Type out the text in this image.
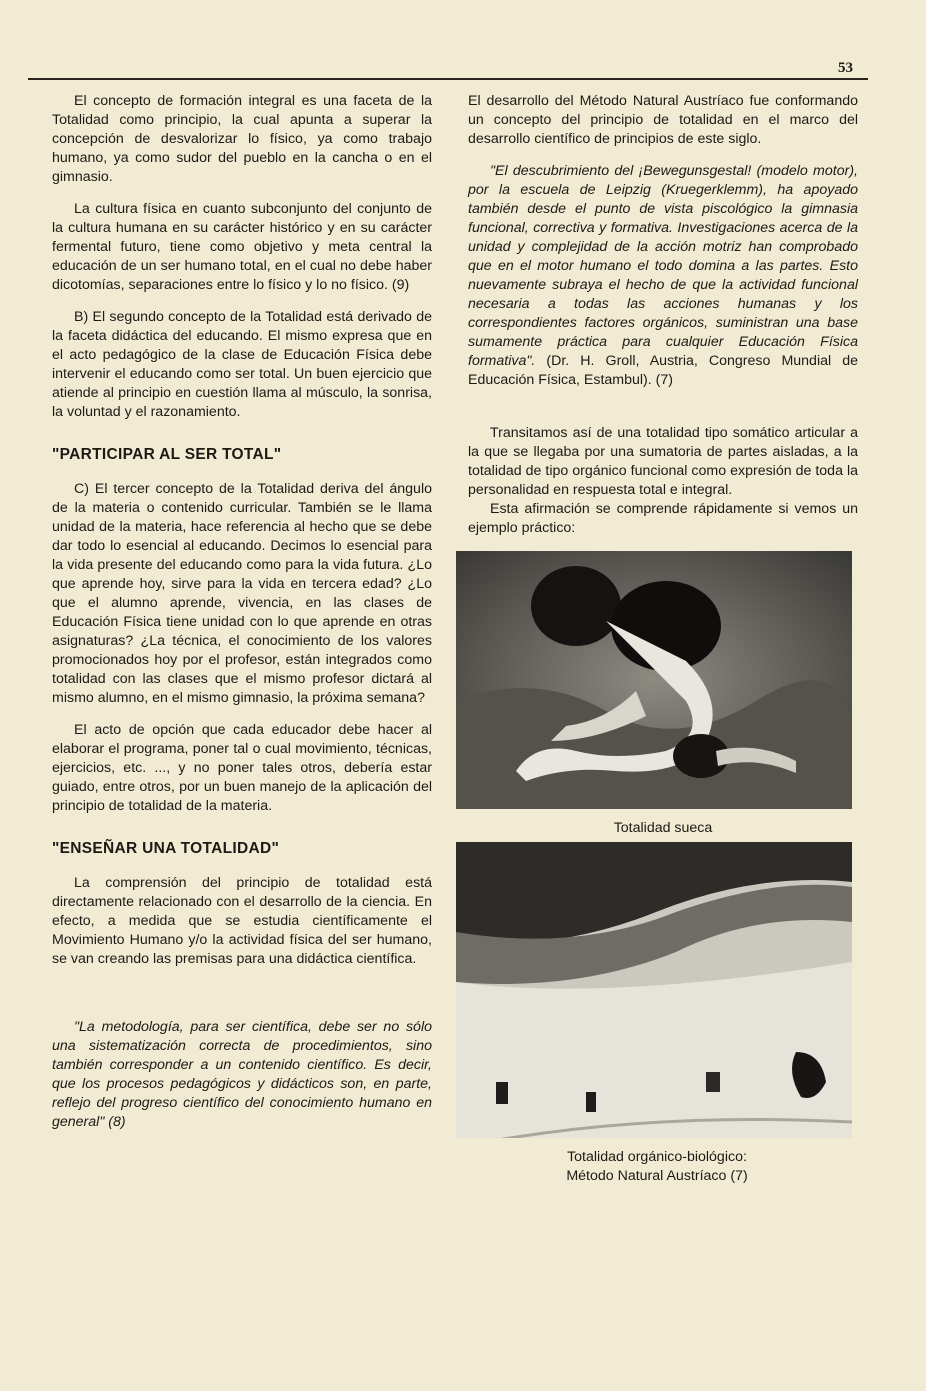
53

El concepto de formación integral es una faceta de la Totalidad como principio, la cual apunta a superar la concepción de desvalorizar lo físico, ya como trabajo humano, ya como sudor del pueblo en la cancha o en el gimnasio.

La cultura física en cuanto subconjunto del conjunto de la cultura humana en su carácter histórico y en su carácter fermental futuro, tiene como objetivo y meta central la educación de un ser humano total, en el cual no debe haber dicotomías, separaciones entre lo físico y lo no físico. (9)

B) El segundo concepto de la Totalidad está derivado de la faceta didáctica del educando. El mismo expresa que en el acto pedagógico de la clase de Educación Física debe intervenir el educando como ser total. Un buen ejercicio que atiende al principio en cuestión llama al músculo, la sonrisa, la voluntad y el razonamiento.

"PARTICIPAR AL SER TOTAL"

C) El tercer concepto de la Totalidad deriva del ángulo de la materia o contenido curricular. También se le llama unidad de la materia, hace referencia al hecho que se debe dar todo lo esencial al educando. Decimos lo esencial para la vida presente del educando como para la vida futura. ¿Lo que aprende hoy, sirve para la vida en tercera edad? ¿Lo que el alumno aprende, vivencia, en las clases de Educación Física tiene unidad con lo que aprende en otras asignaturas? ¿La técnica, el conocimiento de los valores promocionados hoy por el profesor, están integrados como totalidad con las clases que el mismo profesor dictará al mismo alumno, en el mismo gimnasio, la próxima semana?

El acto de opción que cada educador debe hacer al elaborar el programa, poner tal o cual movimiento, técnicas, ejercicios, etc. ..., y no poner tales otros, debería estar guiado, entre otros, por un buen manejo de la aplicación del principio de totalidad de la materia.

"ENSEÑAR UNA TOTALIDAD"

La comprensión del principio de totalidad está directamente relacionado con el desarrollo de la ciencia. En efecto, a medida que se estudia científicamente el Movimiento Humano y/o la actividad física del ser humano, se van creando las premisas para una didáctica científica.

"La metodología, para ser científica, debe ser no sólo una sistematización correcta de procedimientos, sino también corresponder a un contenido científico. Es decir, que los procesos pedagógicos y didácticos son, en parte, reflejo del progreso científico del conocimiento humano en general" (8)

El desarrollo del Método Natural Austríaco fue conformando un concepto del principio de totalidad en el marco del desarrollo científico de principios de este siglo.

"El descubrimiento del ¡Bewegunsgestal! (modelo motor), por la escuela de Leipzig (Kruegerklemm), ha apoyado también desde el punto de vista piscológico la gimnasia funcional, correctiva y formativa. Investigaciones acerca de la unidad y complejidad de la acción motriz han comprobado que en el motor humano el todo domina a las partes. Esto nuevamente subraya el hecho de que la actividad funcional necesaria a todas las acciones humanas y los correspondientes factores orgánicos, suministran una base sumamente práctica para cualquier Educación Física formativa". (Dr. H. Groll, Austria, Congreso Mundial de Educación Física, Estambul). (7)

Transitamos así de una totalidad tipo somático articular a la que se llegaba por una sumatoria de partes aisladas, a la totalidad de tipo orgánico funcional como expresión de toda la personalidad en respuesta total e integral.

Esta afirmación se comprende rápidamente si vemos un ejemplo práctico:

Totalidad sueca

Totalidad orgánico-biológico:

Método Natural Austríaco (7)
